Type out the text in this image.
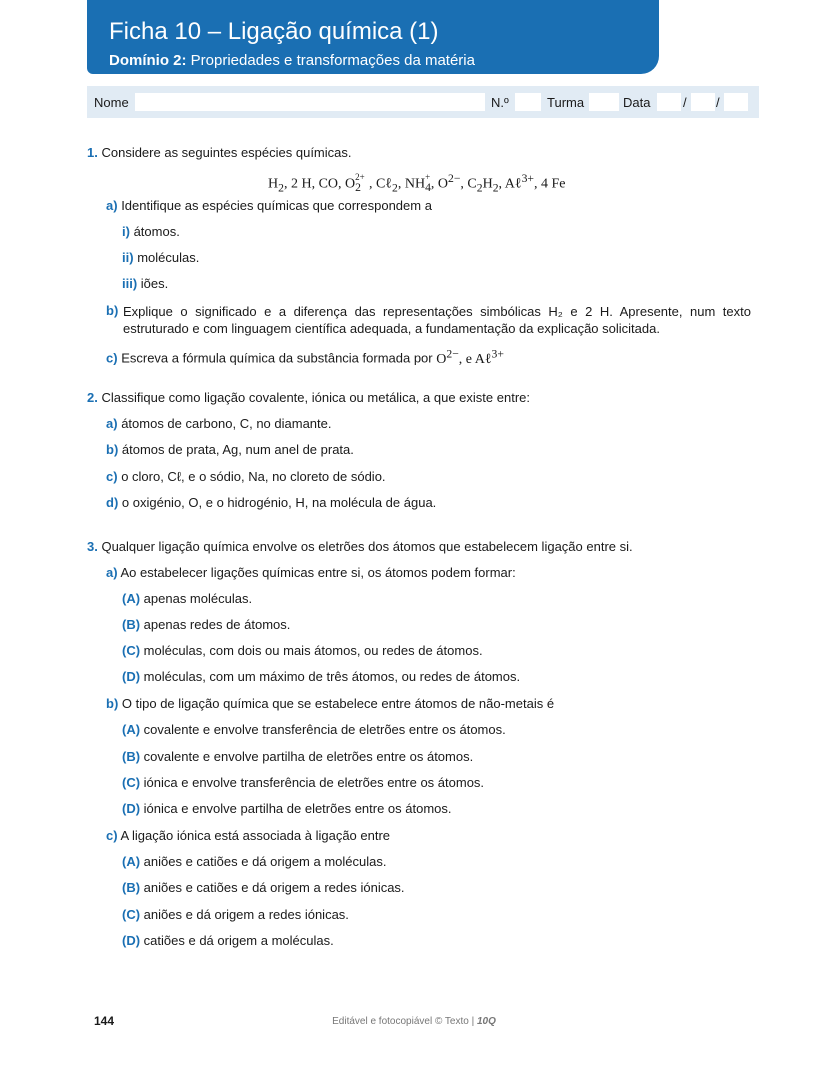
Ficha 10 – Ligação química (1)
Domínio 2: Propriedades e transformações da matéria
Nome	N.º	Turma	Data	/ /
1. Considere as seguintes espécies químicas.
$H_2$, 2 H, CO, O $_{2+ 2}$ , Cℓ$_2$, NH $_{+ 4}$, $O^{2-}$, $C_2H_2$, Aℓ$^{3+}$, 4 Fe
a) Identifique as espécies químicas que correspondem a
i) átomos.
ii) moléculas.
iii) iões.
b) Explique o significado e a diferença das representações simbólicas H₂ e 2 H. Apresente, num texto estruturado e com linguagem científica adequada, a fundamentação da explicação solicitada.
c) Escreva a fórmula química da substância formada por $O^{2-}$, e Aℓ$^{3+}$
2. Classifique como ligação covalente, iónica ou metálica, a que existe entre:
a) átomos de carbono, C, no diamante.
b) átomos de prata, Ag, num anel de prata.
c) o cloro, Cℓ, e o sódio, Na, no cloreto de sódio.
d) o oxigénio, O, e o hidrogénio, H, na molécula de água.
3. Qualquer ligação química envolve os eletrões dos átomos que estabelecem ligação entre si.
a) Ao estabelecer ligações químicas entre si, os átomos podem formar:
(A) apenas moléculas.
(B) apenas redes de átomos.
(C) moléculas, com dois ou mais átomos, ou redes de átomos.
(D) moléculas, com um máximo de três átomos, ou redes de átomos.
b) O tipo de ligação química que se estabelece entre átomos de não-metais é
(A) covalente e envolve transferência de eletrões entre os átomos.
(B) covalente e envolve partilha de eletrões entre os átomos.
(C) iónica e envolve transferência de eletrões entre os átomos.
(D) iónica e envolve partilha de eletrões entre os átomos.
c) A ligação iónica está associada à ligação entre
(A) aniões e catiões e dá origem a moléculas.
(B) aniões e catiões e dá origem a redes iónicas.
(C) aniões e dá origem a redes iónicas.
(D) catiões e dá origem a moléculas.
144	Editável e fotocopiável © Texto | 10Q
